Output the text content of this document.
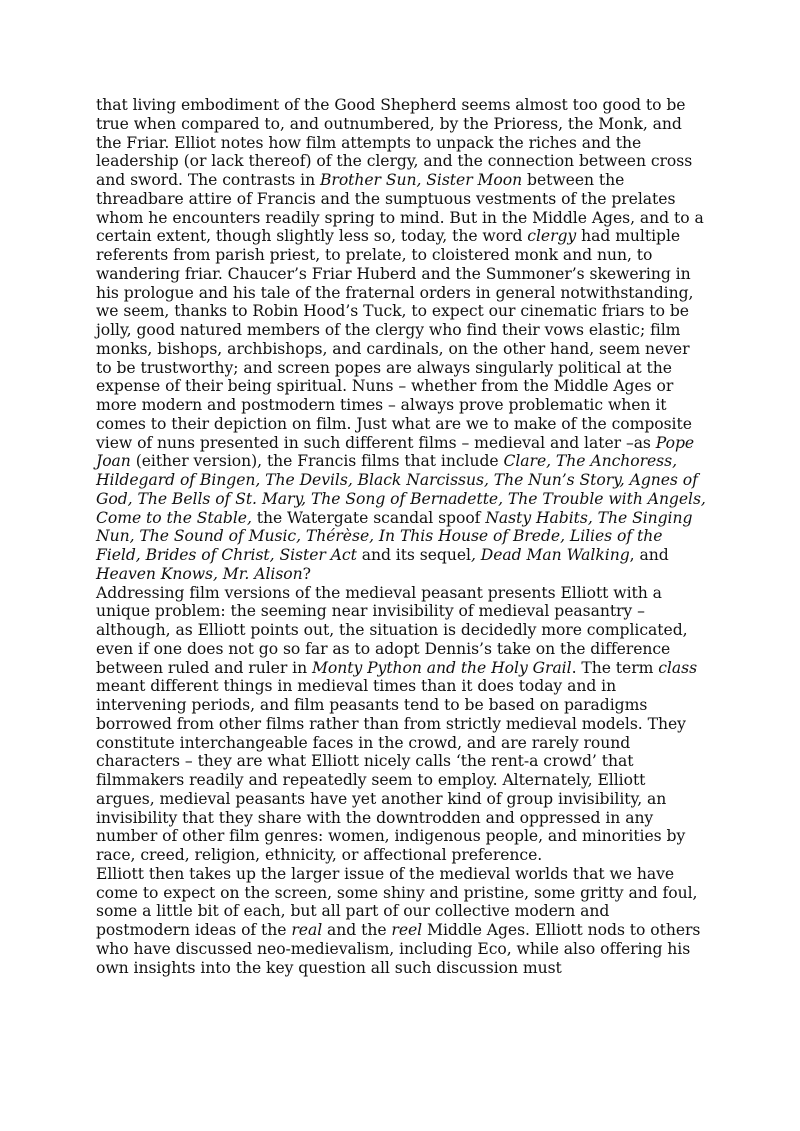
that living embodiment of the Good Shepherd seems almost too good to be true when compared to, and outnumbered, by the Prioress, the Monk, and the Friar. Elliot notes how film attempts to unpack the riches and the leadership (or lack thereof) of the clergy, and the connection between cross and sword. The contrasts in Brother Sun, Sister Moon between the threadbare attire of Francis and the sumptuous vestments of the prelates whom he encounters readily spring to mind. But in the Middle Ages, and to a certain extent, though slightly less so, today, the word clergy had multiple referents from parish priest, to prelate, to cloistered monk and nun, to wandering friar. Chaucer’s Friar Huberd and the Summoner’s skewering in his prologue and his tale of the fraternal orders in general notwithstanding, we seem, thanks to Robin Hood’s Tuck, to expect our cinematic friars to be jolly, good natured members of the clergy who find their vows elastic; film monks, bishops, archbishops, and cardinals, on the other hand, seem never to be trustworthy; and screen popes are always singularly political at the expense of their being spiritual. Nuns – whether from the Middle Ages or more modern and postmodern times – always prove problematic when it comes to their depiction on film. Just what are we to make of the composite view of nuns presented in such different films – medieval and later –as Pope Joan (either version), the Francis films that include Clare, The Anchoress, Hildegard of Bingen, The Devils, Black Narcissus, The Nun’s Story, Agnes of God, The Bells of St. Mary, The Song of Bernadette, The Trouble with Angels, Come to the Stable, the Watergate scandal spoof Nasty Habits, The Singing Nun, The Sound of Music, Thérèse, In This House of Brede, Lilies of the Field, Brides of Christ, Sister Act and its sequel, Dead Man Walking, and Heaven Knows, Mr. Alison?

Addressing film versions of the medieval peasant presents Elliott with a unique problem: the seeming near invisibility of medieval peasantry – although, as Elliott points out, the situation is decidedly more complicated, even if one does not go so far as to adopt Dennis’s take on the difference between ruled and ruler in Monty Python and the Holy Grail. The term class meant different things in medieval times than it does today and in intervening periods, and film peasants tend to be based on paradigms borrowed from other films rather than from strictly medieval models. They constitute interchangeable faces in the crowd, and are rarely round characters – they are what Elliott nicely calls ‘the rent-a crowd’ that filmmakers readily and repeatedly seem to employ. Alternately, Elliott argues, medieval peasants have yet another kind of group invisibility, an invisibility that they share with the downtrodden and oppressed in any number of other film genres: women, indigenous people, and minorities by race, creed, religion, ethnicity, or affectional preference.

Elliott then takes up the larger issue of the medieval worlds that we have come to expect on the screen, some shiny and pristine, some gritty and foul, some a little bit of each, but all part of our collective modern and postmodern ideas of the real and the reel Middle Ages. Elliott nods to others who have discussed neo-medievalism, including Eco, while also offering his own insights into the key question all such discussion must
